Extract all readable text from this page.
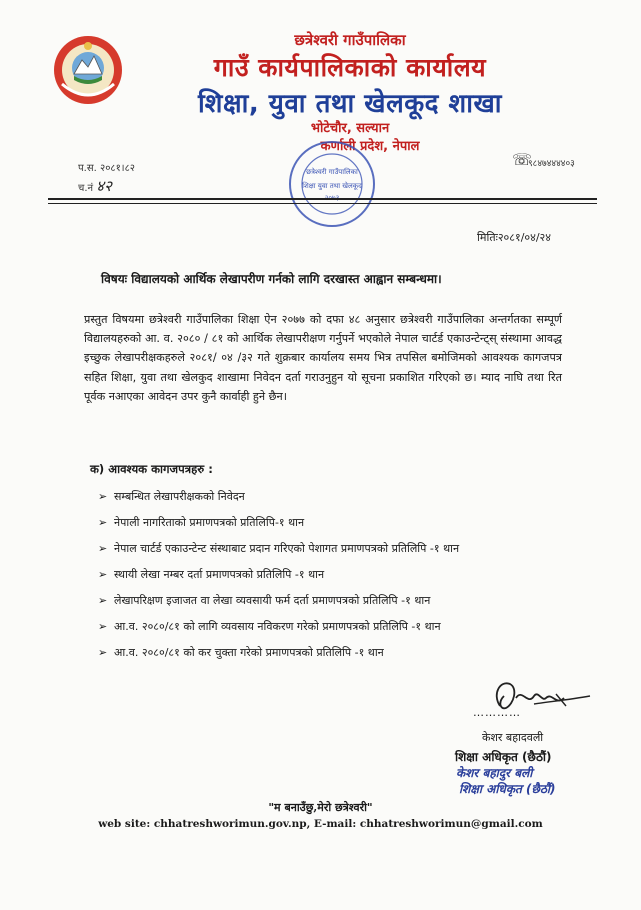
छत्रेश्वरी गाउँपालिका
गाउँ कार्यपालिकाको कार्यालय
शिक्षा, युवा तथा खेलकूद शाखा
भोटेचौर, सल्यान
कर्णाली प्रदेश, नेपाल
प.स. २०८१।८२
च.नं ४२
☏
९८४७४४४४०३
छत्रेश्वरी गाउँपालिका
शिक्षा युवा तथा खेलकूद
२०७३
मितिः२०८१/०४/२४
विषयः विद्यालयको आर्थिक लेखापरीण गर्नको लागि दरखास्त आह्वान सम्बन्धमा।
प्रस्तुत विषयमा छत्रेश्वरी गाउँपालिका शिक्षा ऐन २०७७ को दफा ४८ अनुसार छत्रेश्वरी गाउँपालिका अन्तर्गतका सम्पूर्ण विद्यालयहरुको आ. व. २०८० / ८१ को आर्थिक लेखापरीक्षण गर्नुपर्ने भएकोले नेपाल चार्टर्ड एकाउन्टेन्ट्स् संस्थामा आवद्ध इच्छुक लेखापरीक्षकहरुले २०८१/ ०४ /३२ गते शुक्रबार कार्यालय समय भित्र तपसिल बमोजिमको आवश्यक कागजपत्र सहित शिक्षा, युवा तथा खेलकुद शाखामा निवेदन दर्ता गराउनुहुन यो सूचना प्रकाशित गरिएको छ। म्याद नाघि तथा रित पूर्वक नआएका आवेदन उपर कुनै कार्वाही हुने छैन।
क) आवश्यक कागजपत्रहरु :
➢ सम्बन्धित लेखापरीक्षकको निवेदन
➢ नेपाली नागरिताको प्रमाणपत्रको प्रतिलिपि-१ थान
➢ नेपाल चार्टर्ड एकाउन्टेन्ट संस्थाबाट प्रदान गरिएको पेशागत प्रमाणपत्रको प्रतिलिपि -१ थान
➢ स्थायी लेखा नम्बर दर्ता प्रमाणपत्रको प्रतिलिपि -१ थान
➢ लेखापरिक्षण इजाजत वा लेखा व्यवसायी फर्म दर्ता प्रमाणपत्रको प्रतिलिपि -१ थान
➢ आ.व. २०८०/८१ को लागि व्यवसाय नविकरण गरेको प्रमाणपत्रको प्रतिलिपि -१ थान
➢ आ.व. २०८०/८१ को कर चुक्ता गरेको प्रमाणपत्रको प्रतिलिपि -१ थान
…………
केशर बहादवली
शिक्षा अधिकृत (छैठौं)
केशर बहादुर बली
शिक्षा अधिकृत (छैठौं)
"म बनाउँछु,मेरो छत्रेश्वरी"
web site: chhatreshworimun.gov.np, E-mail: chhatreshworimun@gmail.com
